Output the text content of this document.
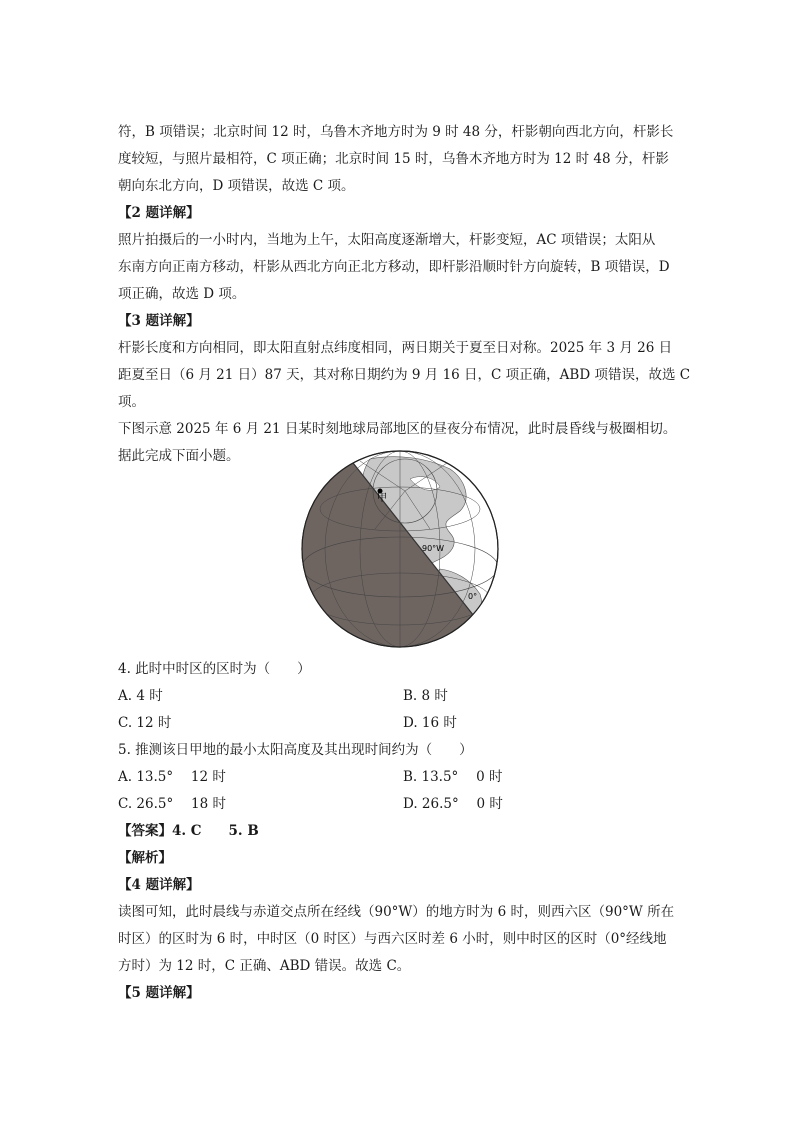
符，B 项错误；北京时间 12 时，乌鲁木齐地方时为 9 时 48 分，杆影朝向西北方向，杆影长
度较短，与照片最相符，C 项正确；北京时间 15 时，乌鲁木齐地方时为 12 时 48 分，杆影
朝向东北方向，D 项错误，故选 C 项。
【2 题详解】
照片拍摄后的一小时内，当地为上午，太阳高度逐渐增大，杆影变短，AC 项错误；太阳从
东南方向正南方移动，杆影从西北方向正北方移动，即杆影沿顺时针方向旋转，B 项错误，D
项正确，故选 D 项。
【3 题详解】
杆影长度和方向相同，即太阳直射点纬度相同，两日期关于夏至日对称。2025 年 3 月 26 日
距夏至日（6 月 21 日）87 天，其对称日期约为 9 月 16 日，C 项正确，ABD 项错误，故选 C
项。
下图示意 2025 年 6 月 21 日某时刻地球局部地区的昼夜分布情况，此时晨昏线与极圈相切。
据此完成下面小题。
甲
90°W
0°
4. 此时中时区的区时为（　　）
A. 4 时	B. 8 时
C. 12 时	D. 16 时
5. 推测该日甲地的最小太阳高度及其出现时间约为（　　）
A. 13.5°　 12 时	B. 13.5°　 0 时
C. 26.5°　 18 时	D. 26.5°　 0 时
【答案】4. C　　5. B
【解析】
【4 题详解】
读图可知，此时晨线与赤道交点所在经线（90°W）的地方时为 6 时，则西六区（90°W 所在
时区）的区时为 6 时，中时区（0 时区）与西六区时差 6 小时，则中时区的区时（0°经线地
方时）为 12 时，C 正确、ABD 错误。故选 C。
【5 题详解】
